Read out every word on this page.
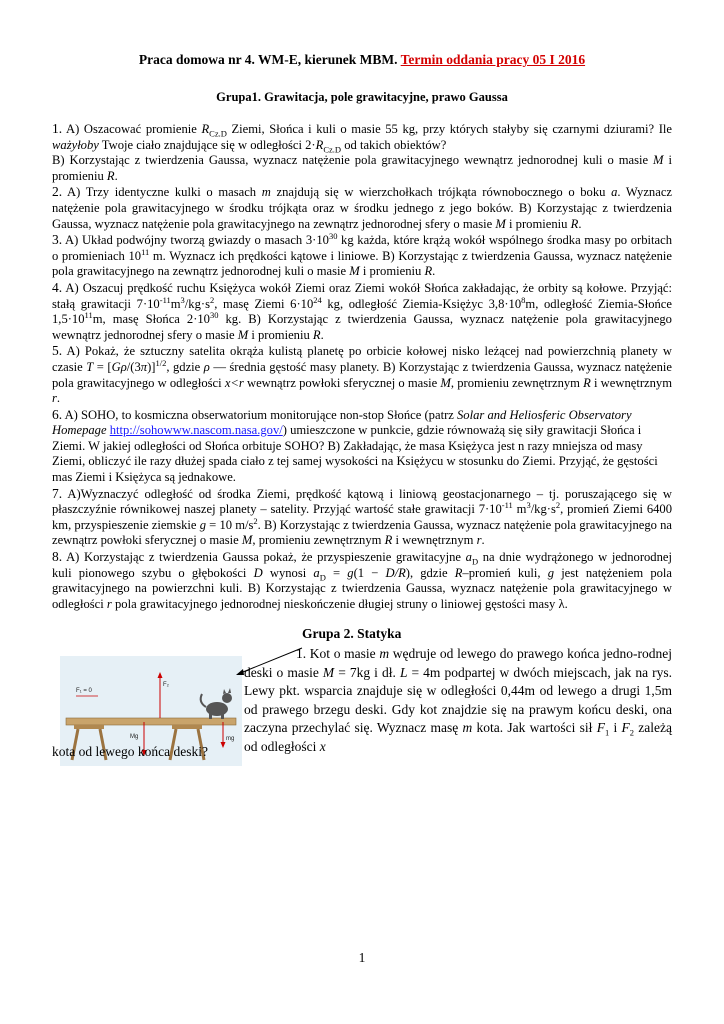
Praca domowa nr 4. WM-E, kierunek MBM. Termin oddania pracy 05 I 2016
Grupa1. Grawitacja, pole grawitacyjne, prawo Gaussa

1. A) Oszacować promienie $R_{Cz.D}$ Ziemi, Słońca i kuli o masie 55 kg, przy których stałyby się czarnymi dziurami? Ile ważyłoby Twoje ciało znajdujące się w odległości $2\cdot R_{Cz.D}$ od takich obiektów?
B) Korzystając z twierdzenia Gaussa, wyznacz natężenie pola grawitacyjnego wewnątrz jednorodnej kuli o masie M i promieniu R.

2. A) Trzy identyczne kulki o masach m znajdują się w wierzchołkach trójkąta równobocznego o boku a. Wyznacz natężenie pola grawitacyjnego w środku trójkąta oraz w środku jednego z jego boków. B) Korzystając z twierdzenia Gaussa, wyznacz natężenie pola grawitacyjnego na zewnątrz jednorodnej sfery o masie M i promieniu R.

3. A) Układ podwójny tworzą gwiazdy o masach $3\cdot 10^{30}$ kg każda, które krążą wokół wspólnego środka masy po orbitach o promieniach $10^{11}$ m. Wyznacz ich prędkości kątowe i liniowe. B) Korzystając z twierdzenia Gaussa, wyznacz natężenie pola grawitacyjnego na zewnątrz jednorodnej kuli o masie M i promieniu R.

4. A) Oszacuj prędkość ruchu Księżyca wokół Ziemi oraz Ziemi wokół Słońca zakładając, że orbity są kołowe. Przyjąć: stałą grawitacji $7\cdot 10^{-11}m^3/kg\cdot s^2$, masę Ziemi $6\cdot 10^{24}$ kg, odległość Ziemia-Księżyc $3,8\cdot 10^8m$, odległość Ziemia-Słońce $1,5\cdot 10^{11}m$, masę Słońca $2\cdot 10^{30}$ kg. B) Korzystając z twierdzenia Gaussa, wyznacz natężenie pola grawitacyjnego wewnątrz jednorodnej sfery o masie M i promieniu R.

5. A) Pokaż, że sztuczny satelita okrąża kulistą planetę po orbicie kołowej nisko leżącej nad powierzchnią planety w czasie $T = [G\rho/(3\pi)]^{1/2}$, gdzie ρ — średnia gęstość masy planety. B) Korzystając z twierdzenia Gaussa, wyznacz natężenie pola grawitacyjnego w odległości x<r wewnątrz powłoki sferycznej o masie M, promieniu zewnętrznym R i wewnętrznym r.

6. A) SOHO, to kosmiczna obserwatorium monitorujące non-stop Słońce (patrz Solar and Heliosferic Observatory Homepage http://sohowww.nascom.nasa.gov/) umieszczone w punkcie, gdzie równoważą się siły grawitacji Słońca i Ziemi. W jakiej odległości od Słońca orbituje SOHO? B) Zakładając, że masa Księżyca jest n razy mniejsza od masy Ziemi, obliczyć ile razy dłużej spada ciało z tej samej wysokości na Księżycu w stosunku do Ziemi. Przyjąć, że gęstości mas Ziemi i Księżyca są jednakowe.

7. A)Wyznaczyć odległość od środka Ziemi, prędkość kątową i liniową geostacjonarnego – tj. poruszającego się w płaszczyźnie równikowej naszej planety – satelity. Przyjąć wartość stałe grawitacji $7\cdot 10^{-11}$ $m^3/kg\cdot s^2$, promień Ziemi 6400 km, przyspieszenie ziemskie g = 10 $m/s^2$. B) Korzystając z twierdzenia Gaussa, wyznacz natężenie pola grawitacyjnego na zewnątrz powłoki sferycznej o masie M, promieniu zewnętrznym R i wewnętrznym r.

8. A) Korzystając z twierdzenia Gaussa pokaż, że przyspieszenie grawitacyjne $a_D$ na dnie wydrążonego w jednorodnej kuli pionowego szybu o głębokości D wynosi $a_D = g(1 - D/R)$, gdzie R–promień kuli, g jest natężeniem pola grawitacyjnego na powierzchni kuli. B) Korzystając z twierdzenia Gaussa, wyznacz natężenie pola grawitacyjnego w odległości r pola grawitacyjnego jednorodnej nieskończenie długiej struny o liniowej gęstości masy λ.

Grupa 2. Statyka
F₁ = 0
F₂
Mg	mg
1. Kot o masie m wędruje od lewego do prawego końca jedno-rodnej deski o masie M = 7kg i dł. L = 4m podpartej w dwóch miejscach, jak na rys. Lewy pkt. wsparcia znajduje się w odległości 0,44m od lewego a drugi 1,5m od prawego brzegu deski. Gdy kot znajdzie się na prawym końcu deski, ona zaczyna przechylać się. Wyznacz masę m kota. Jak wartości sił $F_1$ i $F_2$ zależą od odległości x
kota od lewego końca deski?
1
